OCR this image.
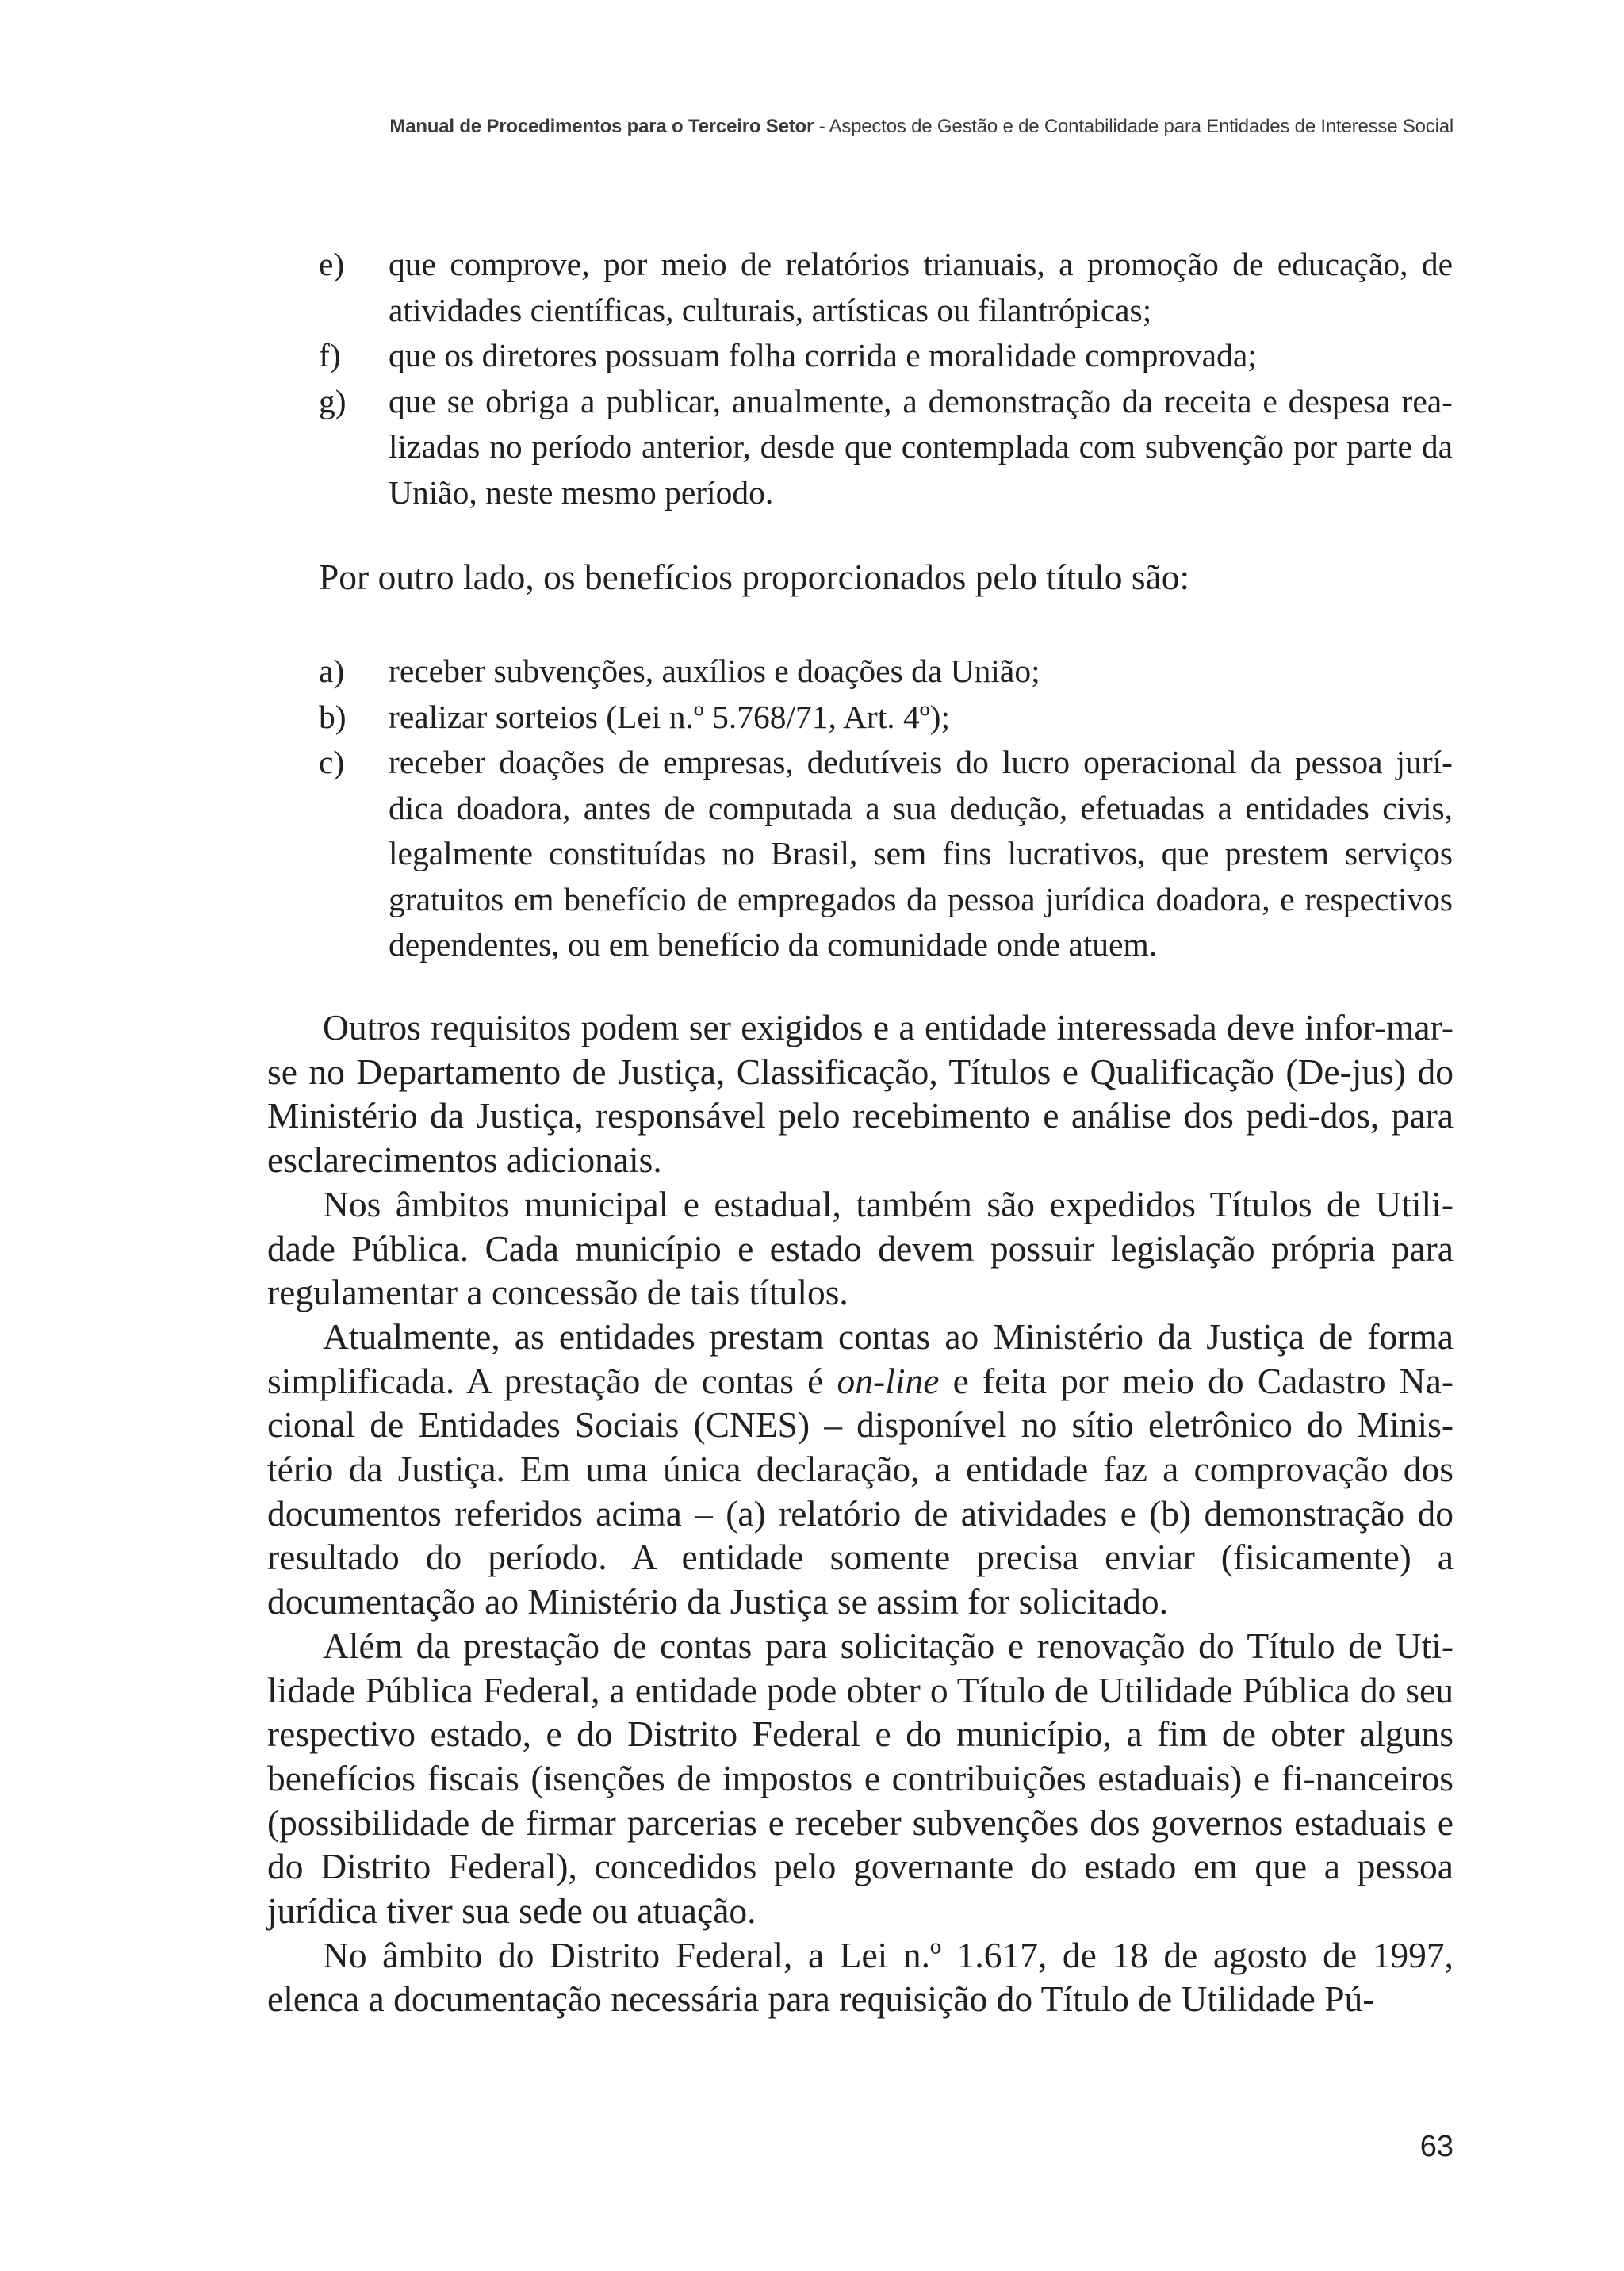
Manual de Procedimentos para o Terceiro Setor - Aspectos de Gestão e de Contabilidade para Entidades de Interesse Social
e) que comprove, por meio de relatórios trianuais, a promoção de educação, de atividades científicas, culturais, artísticas ou filantrópicas;
f) que os diretores possuam folha corrida e moralidade comprovada;
g) que se obriga a publicar, anualmente, a demonstração da receita e despesa rea-lizadas no período anterior, desde que contemplada com subvenção por parte da União, neste mesmo período.

Por outro lado, os benefícios proporcionados pelo título são:

a) receber subvenções, auxílios e doações da União;
b) realizar sorteios (Lei n.º 5.768/71, Art. 4º);
c) receber doações de empresas, dedutíveis do lucro operacional da pessoa jurí-dica doadora, antes de computada a sua dedução, efetuadas a entidades civis, legalmente constituídas no Brasil, sem fins lucrativos, que prestem serviços gratuitos em benefício de empregados da pessoa jurídica doadora, e respectivos dependentes, ou em benefício da comunidade onde atuem.

Outros requisitos podem ser exigidos e a entidade interessada deve infor-mar-se no Departamento de Justiça, Classificação, Títulos e Qualificação (De-jus) do Ministério da Justiça, responsável pelo recebimento e análise dos pedi-dos, para esclarecimentos adicionais.

Nos âmbitos municipal e estadual, também são expedidos Títulos de Utili-dade Pública. Cada município e estado devem possuir legislação própria para regulamentar a concessão de tais títulos.

Atualmente, as entidades prestam contas ao Ministério da Justiça de forma simplificada. A prestação de contas é on-line e feita por meio do Cadastro Na-cional de Entidades Sociais (CNES) – disponível no sítio eletrônico do Minis-tério da Justiça. Em uma única declaração, a entidade faz a comprovação dos documentos referidos acima – (a) relatório de atividades e (b) demonstração do resultado do período. A entidade somente precisa enviar (fisicamente) a documentação ao Ministério da Justiça se assim for solicitado.

Além da prestação de contas para solicitação e renovação do Título de Uti-lidade Pública Federal, a entidade pode obter o Título de Utilidade Pública do seu respectivo estado, e do Distrito Federal e do município, a fim de obter alguns benefícios fiscais (isenções de impostos e contribuições estaduais) e fi-nanceiros (possibilidade de firmar parcerias e receber subvenções dos governos estaduais e do Distrito Federal), concedidos pelo governante do estado em que a pessoa jurídica tiver sua sede ou atuação.

No âmbito do Distrito Federal, a Lei n.º 1.617, de 18 de agosto de 1997, elenca a documentação necessária para requisição do Título de Utilidade Pú-

63
